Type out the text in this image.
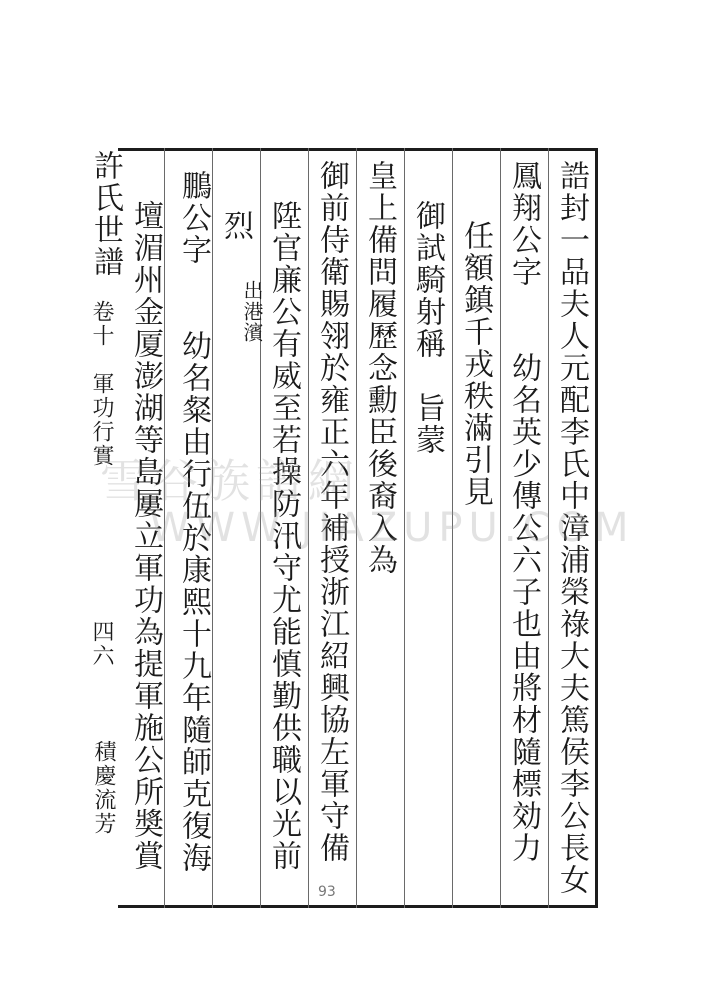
許氏世譜
卷十
軍功行實
四六	誥封一品夫人元配李氏中漳浦榮祿大夫篤侯李公長女
鳳翔公字　　幼名英少傳公六子也由將材隨標効力
任額鎮千戎秩滿引見
御試騎射稱　旨蒙
皇上備問履歷念勳臣後裔入為
御前侍衛賜翎於雍正六年補授浙江紹興協左軍守備
陞官廉公有威至若操防汛守尤能慎勤供職以光前
烈
出港濱
鵬公字　　幼名粲由行伍於康熙十九年隨師克復海
壇湄州金厦澎湖等島屢立軍功為提軍施公所奬賞
積慶流芳
雪谷族譜網
WWW.JIAZUPU.COM
93
